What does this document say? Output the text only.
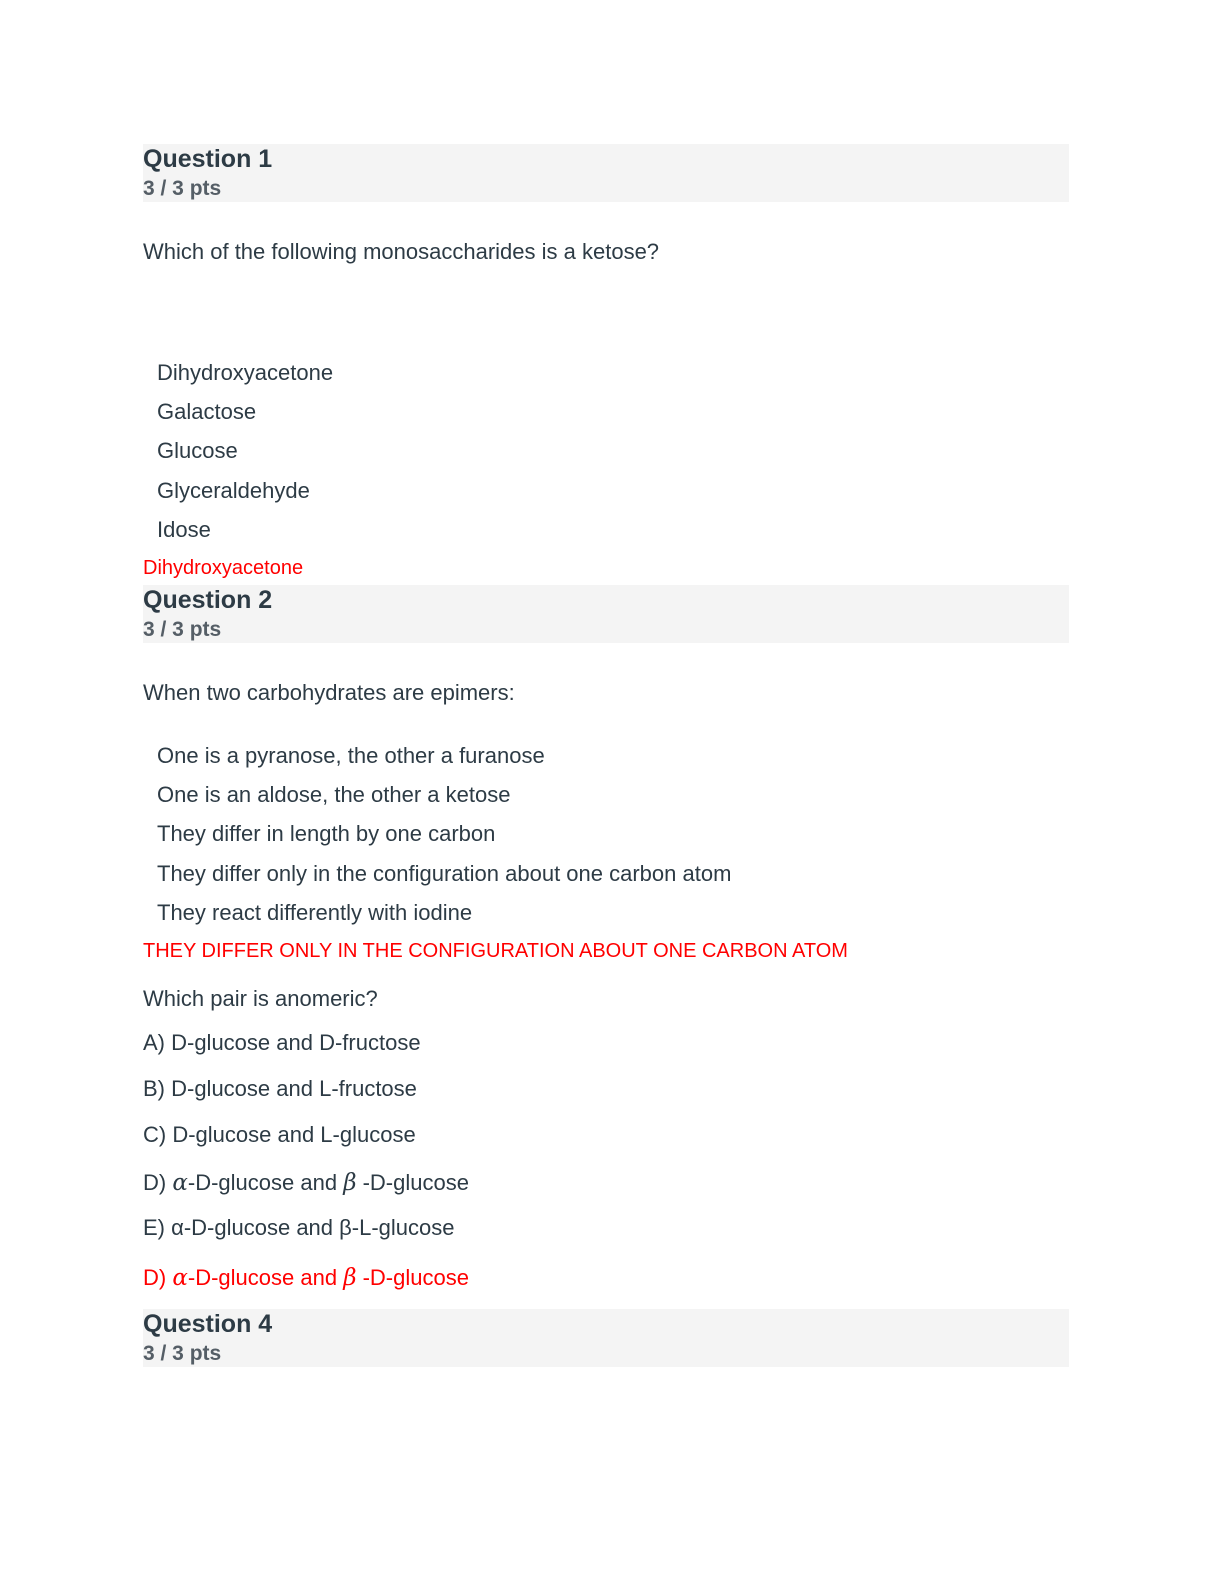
Question 1
3 / 3 pts
Which of the following monosaccharides is a ketose?
Dihydroxyacetone
Galactose
Glucose
Glyceraldehyde
Idose
Dihydroxyacetone
Question 2
3 / 3 pts
When two carbohydrates are epimers:
One is a pyranose, the other a furanose
One is an aldose, the other a ketose
They differ in length by one carbon
They differ only in the configuration about one carbon atom
They react differently with iodine
THEY DIFFER ONLY IN THE CONFIGURATION ABOUT ONE CARBON ATOM
Which pair is anomeric?
A) D-glucose and D-fructose
B) D-glucose and L-fructose
C) D-glucose and L-glucose
D) α-D-glucose and β -D-glucose
E) α-D-glucose and β-L-glucose
D) α-D-glucose and β -D-glucose
Question 4
3 / 3 pts
